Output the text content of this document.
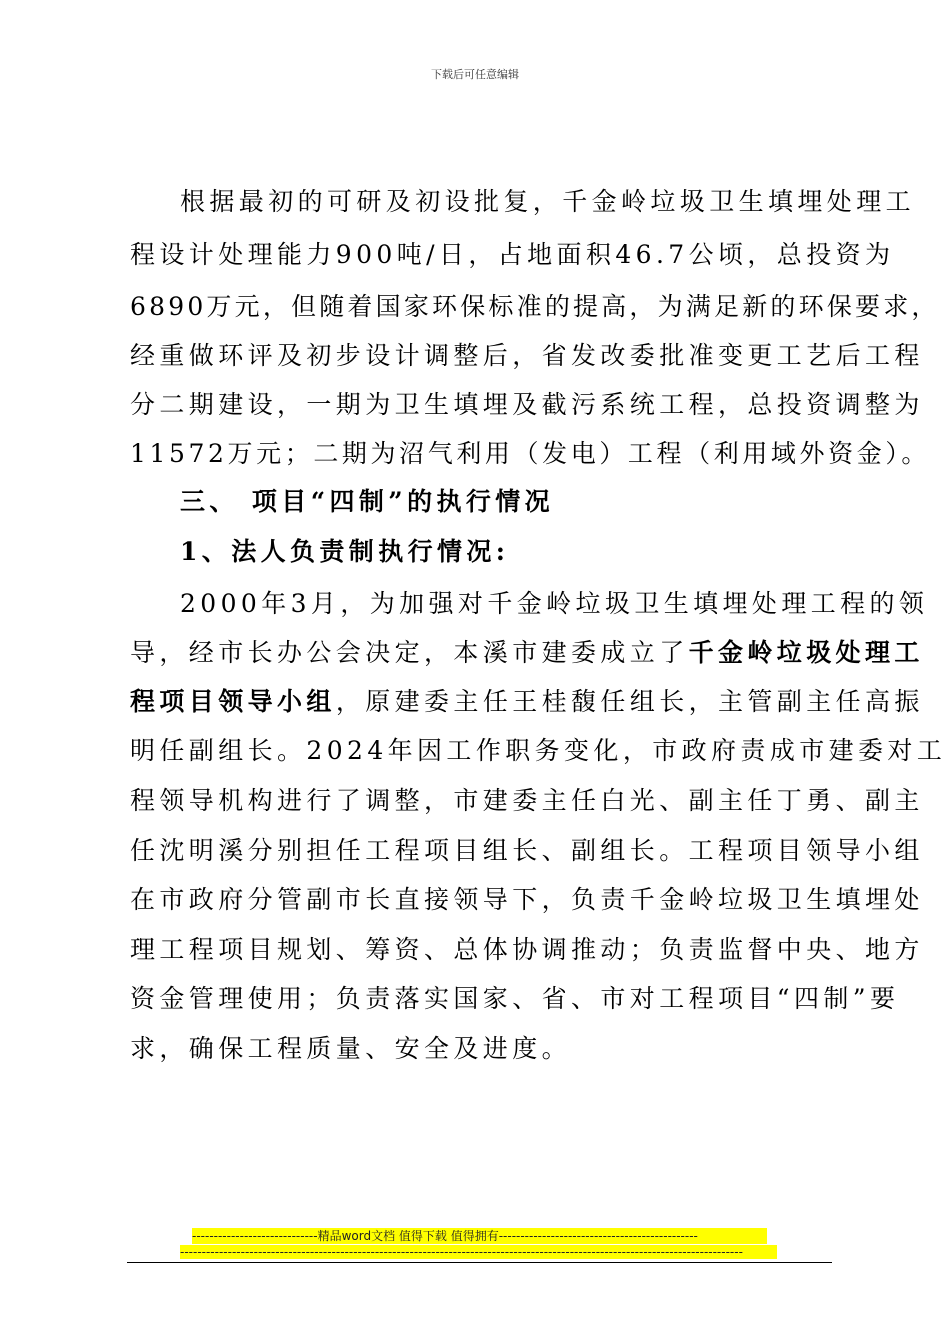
下载后可任意编辑
根据最初的可研及初设批复，千金岭垃圾卫生填埋处理工
程设计处理能力900吨/日，占地面积46.7公顷，总投资为
6890万元，但随着国家环保标准的提高，为满足新的环保要求，
经重做环评及初步设计调整后，省发改委批准变更工艺后工程
分二期建设，一期为卫生填埋及截污系统工程，总投资调整为
11572万元；二期为沼气利用（发电）工程（利用域外资金）。
三、 项目“四制”的执行情况
1、法人负责制执行情况:
2000年3月，为加强对千金岭垃圾卫生填埋处理工程的领
导，经市长办公会决定，本溪市建委成立了千金岭垃圾处理工
程项目领导小组，原建委主任王桂馥任组长，主管副主任高振
明任副组长。2024年因工作职务变化，市政府责成市建委对工
程领导机构进行了调整，市建委主任白光、副主任丁勇、副主
任沈明溪分别担任工程项目组长、副组长。工程项目领导小组
在市政府分管副市长直接领导下，负责千金岭垃圾卫生填埋处
理工程项目规划、筹资、总体协调推动；负责监督中央、地方
资金管理使用；负责落实国家、省、市对工程项目“四制”要
求，确保工程质量、安全及进度。
-----------------------------精品word文档 值得下载 值得拥有----------------------------------------------
----------------------------------------------------------------------------------------------------------------------------------
